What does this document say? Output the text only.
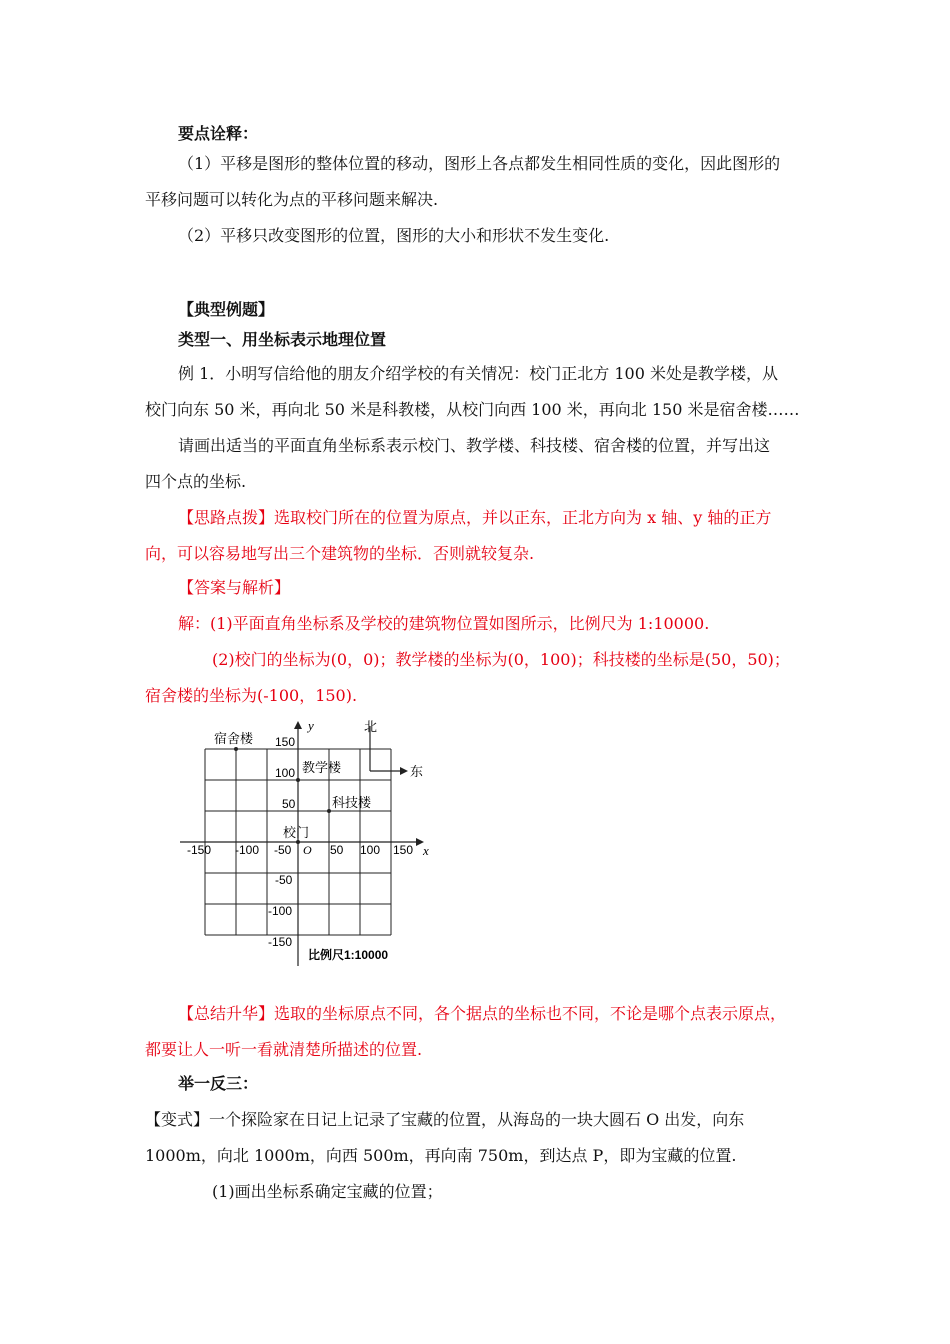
要点诠释：
（1）平移是图形的整体位置的移动，图形上各点都发生相同性质的变化，因此图形的
平移问题可以转化为点的平移问题来解决.
（2）平移只改变图形的位置，图形的大小和形状不发生变化.
【典型例题】
类型一、用坐标表示地理位置
例 1．小明写信给他的朋友介绍学校的有关情况：校门正北方 100 米处是教学楼，从
校门向东 50 米，再向北 50 米是科教楼，从校门向西 100 米，再向北 150 米是宿舍楼……
请画出适当的平面直角坐标系表示校门、教学楼、科技楼、宿舍楼的位置，并写出这
四个点的坐标.
【思路点拨】选取校门所在的位置为原点，并以正东，正北方向为 x 轴、y 轴的正方
向，可以容易地写出三个建筑物的坐标．否则就较复杂.
【答案与解析】
解：(1)平面直角坐标系及学校的建筑物位置如图所示，比例尺为 1:10000.
(2)校门的坐标为(0，0)；教学楼的坐标为(0，100)；科技楼的坐标是(50，50)；
宿舍楼的坐标为(-100，150).
北
东
y
x
O
-150 -100 -50	50 100 150
150
100
50
-50
-100
-150
校门
教学楼
科技楼
宿舍楼
比例尺1:10000
【总结升华】选取的坐标原点不同，各个据点的坐标也不同，不论是哪个点表示原点，
都要让人一听一看就清楚所描述的位置.
举一反三：
【变式】一个探险家在日记上记录了宝藏的位置，从海岛的一块大圆石 O 出发，向东
1000m，向北 1000m，向西 500m，再向南 750m，到达点 P，即为宝藏的位置.
(1)画出坐标系确定宝藏的位置；
